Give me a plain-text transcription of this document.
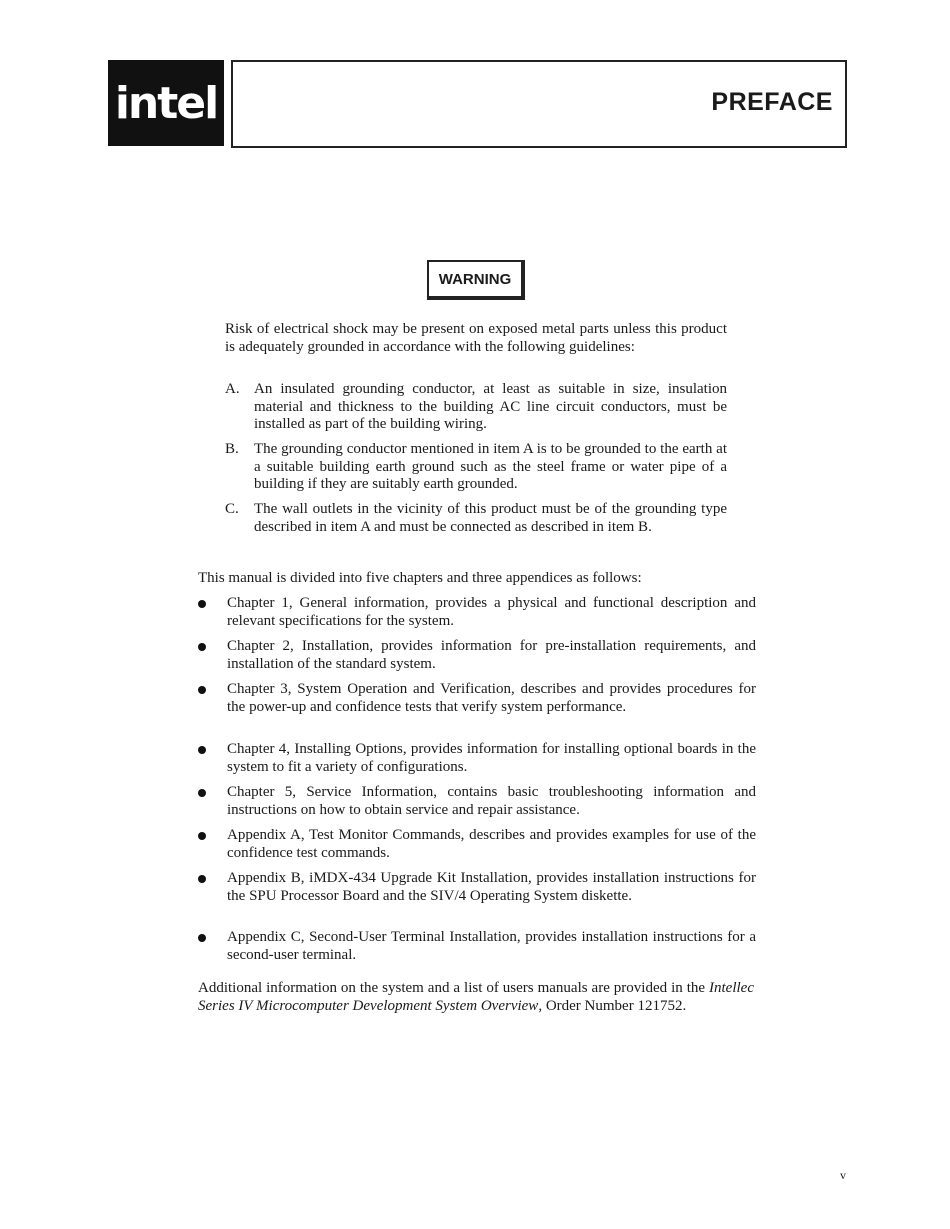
intel	PREFACE
WARNING

Risk of electrical shock may be present on exposed metal parts unless this product is adequately grounded in accordance with the following guidelines:

A. An insulated grounding conductor, at least as suitable in size, insulation material and thickness to the building AC line circuit conductors, must be installed as part of the building wiring.

B. The grounding conductor mentioned in item A is to be grounded to the earth at a suitable building earth ground such as the steel frame or water pipe of a building if they are suitably earth grounded.

C. The wall outlets in the vicinity of this product must be of the grounding type described in item A and must be connected as described in item B.

This manual is divided into five chapters and three appendices as follows:

Chapter 1, General information, provides a physical and functional description and relevant specifications for the system.

Chapter 2, Installation, provides information for pre-installation requirements, and installation of the standard system.

Chapter 3, System Operation and Verification, describes and provides procedures for the power-up and confidence tests that verify system performance.

Chapter 4, Installing Options, provides information for installing optional boards in the system to fit a variety of configurations.

Chapter 5, Service Information, contains basic troubleshooting information and instructions on how to obtain service and repair assistance.

Appendix A, Test Monitor Commands, describes and provides examples for use of the confidence test commands.

Appendix B, iMDX-434 Upgrade Kit Installation, provides installation instructions for the SPU Processor Board and the SIV/4 Operating System diskette.

Appendix C, Second-User Terminal Installation, provides installation instructions for a second-user terminal.

Additional information on the system and a list of users manuals are provided in the Intellec Series IV Microcomputer Development System Overview, Order Number 121752.

v
